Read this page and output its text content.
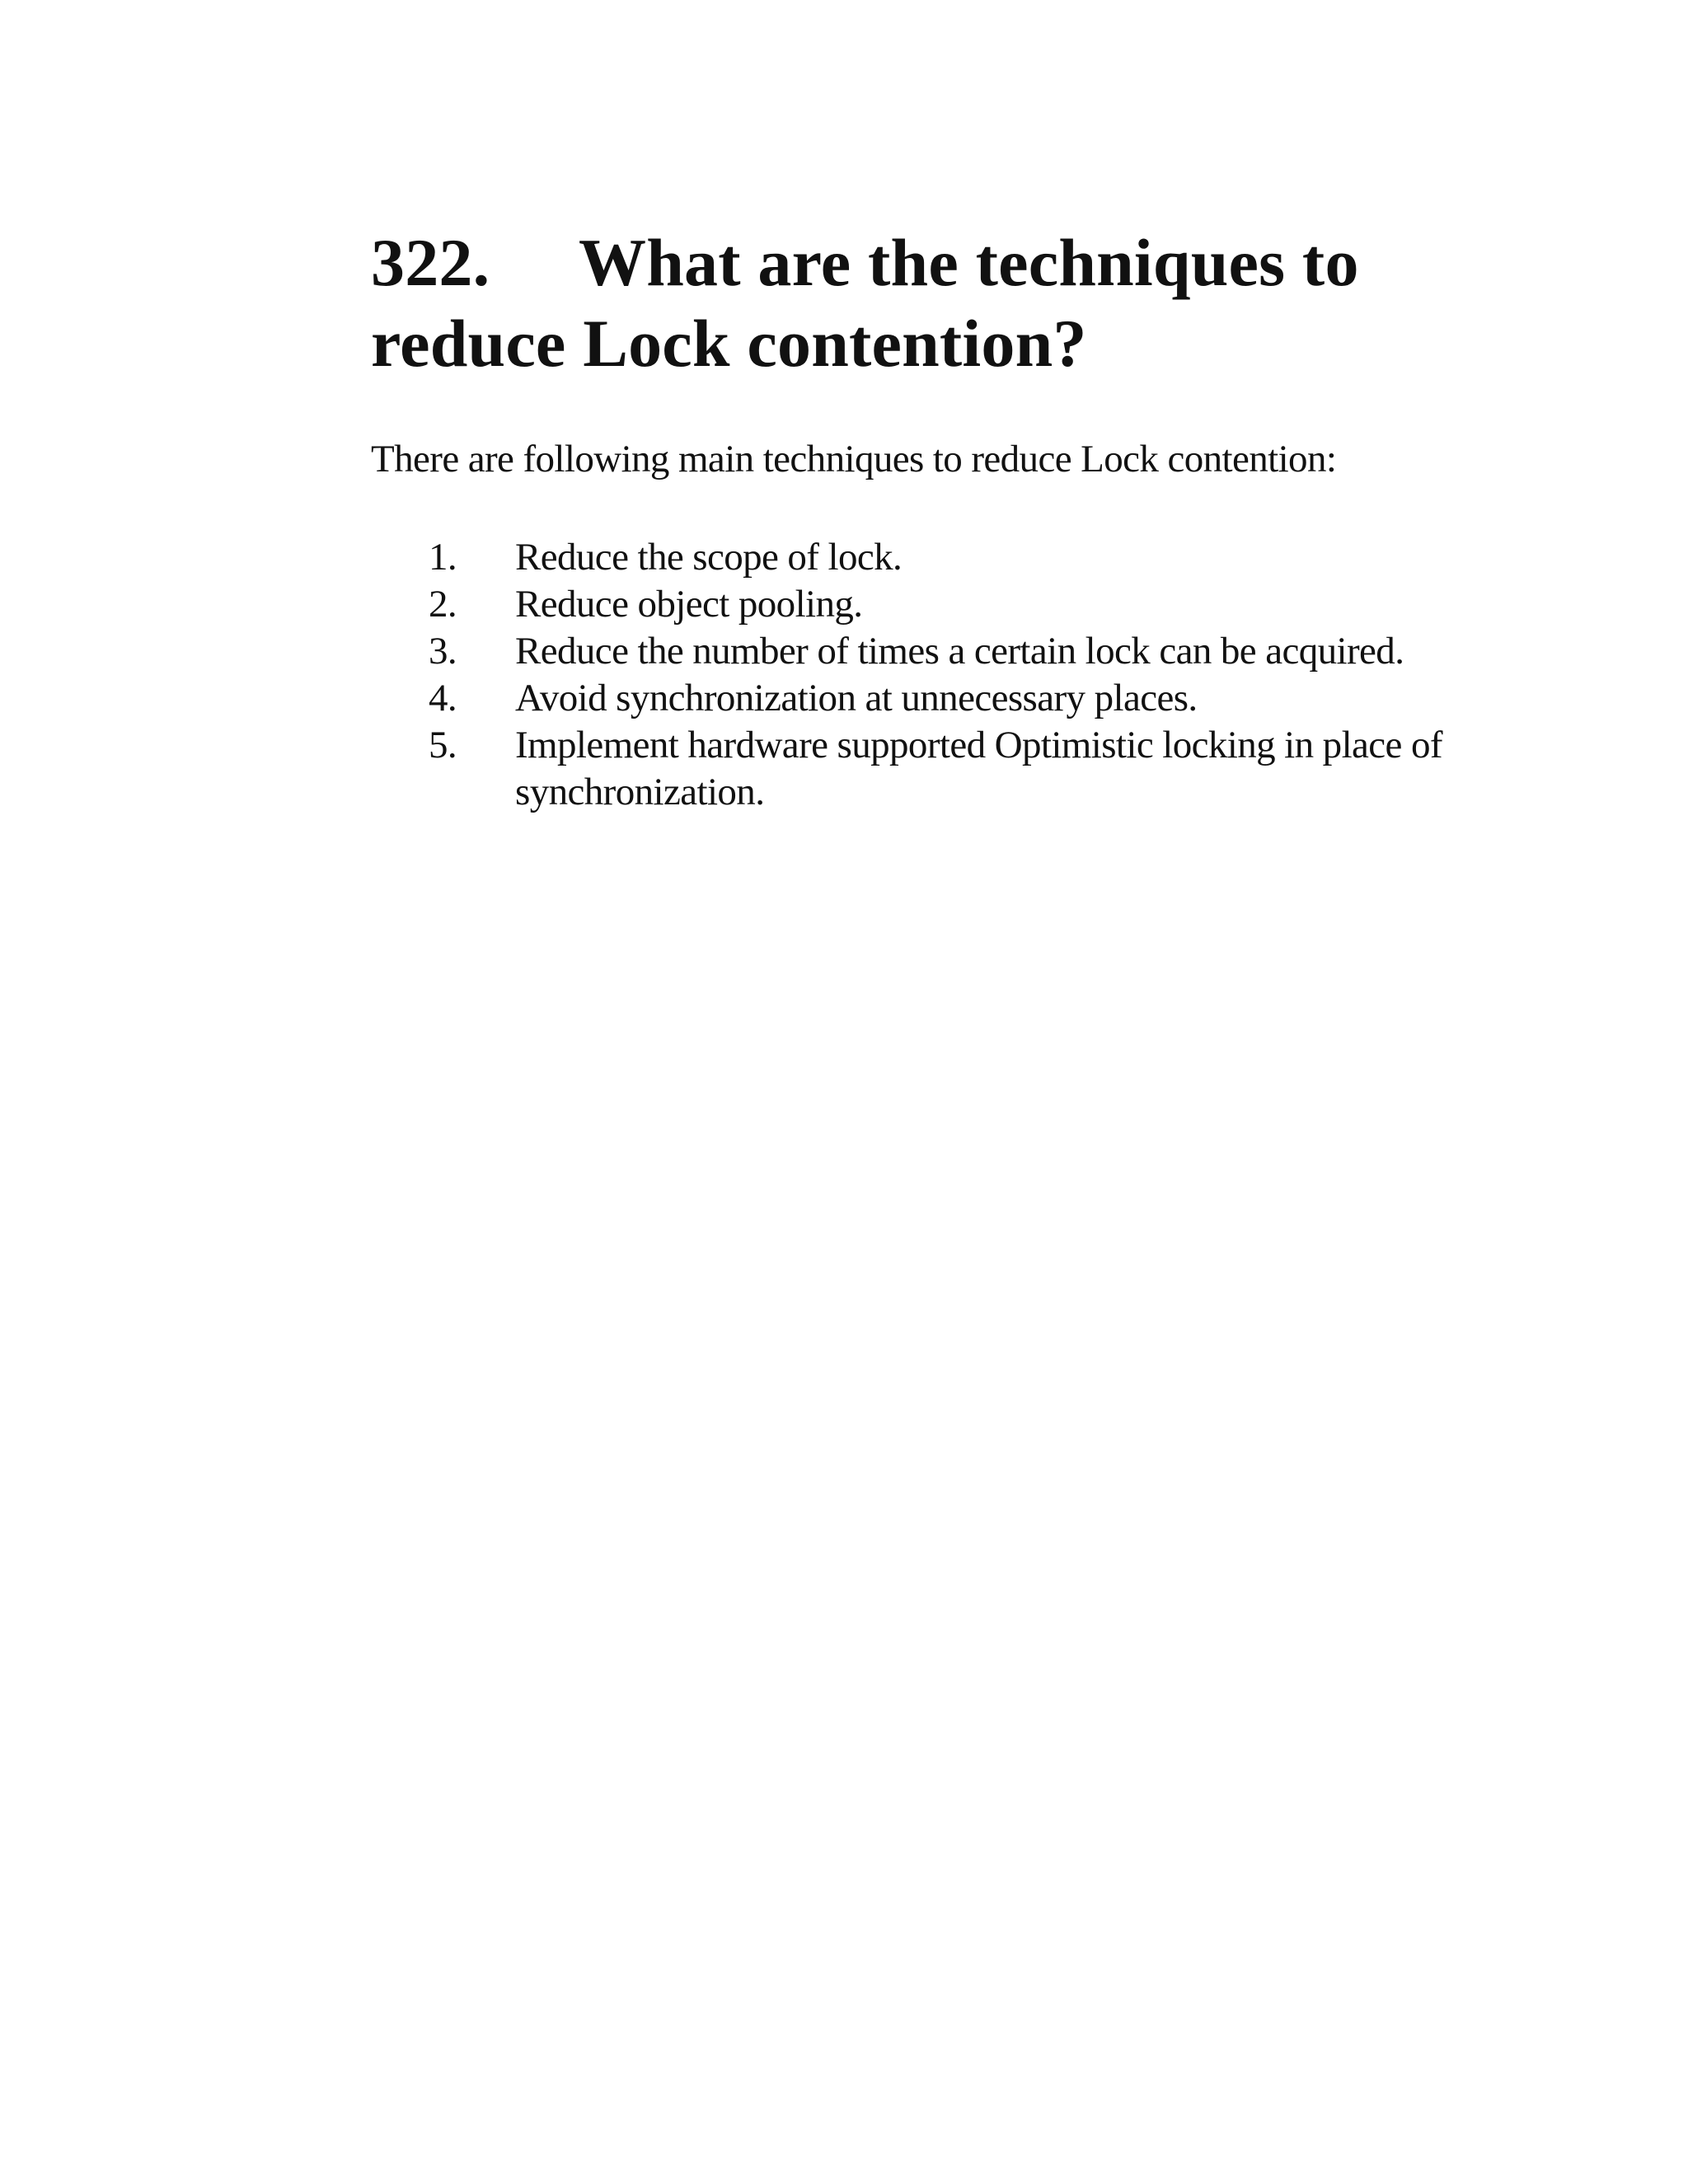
322. What are the techniques to reduce Lock contention?

There are following main techniques to reduce Lock contention:

1. Reduce the scope of lock.
2. Reduce object pooling.
3. Reduce the number of times a certain lock can be acquired.
4. Avoid synchronization at unnecessary places.
5. Implement hardware supported Optimistic locking in place of synchronization.
